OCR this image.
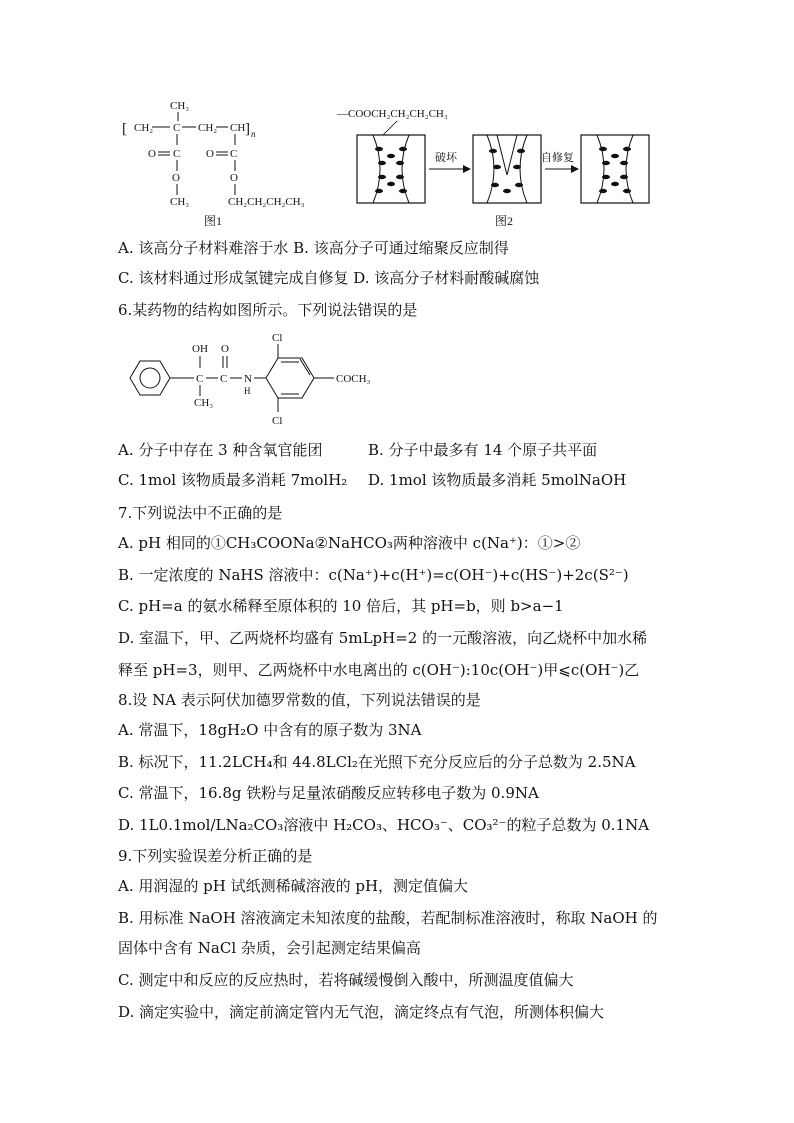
CH₃
[ CH₂ C CH₂ CH ] n
O C O C
O	O
CH₃	CH₂CH₂CH₂CH₃
图1
—COOCH₂CH₂CH₂CH₃
破坏	自修复
图2
A. 该高分子材料难溶于水 B. 该高分子可通过缩聚反应制得
C. 该材料通过形成氢键完成自修复 D. 该高分子材料耐酸碱腐蚀
6.某药物的结构如图所示。下列说法错误的是
OH
C
CH₃
O
C N
H
Cl
Cl
COCH₃
A. 分子中存在 3 种含氧官能团	B. 分子中最多有 14 个原子共平面
C. 1mol 该物质最多消耗 7molH₂ D. 1mol 该物质最多消耗 5molNaOH
7.下列说法中不正确的是
A. pH 相同的①CH₃COONa②NaHCO₃两种溶液中 c(Na⁺)：①>②
B. 一定浓度的 NaHS 溶液中：c(Na⁺)+c(H⁺)=c(OH⁻)+c(HS⁻)+2c(S²⁻)
C. pH=a 的氨水稀释至原体积的 10 倍后，其 pH=b，则 b>a−1
D. 室温下，甲、乙两烧杯均盛有 5mLpH=2 的一元酸溶液，向乙烧杯中加水稀
释至 pH=3，则甲、乙两烧杯中水电离出的 c(OH⁻):10c(OH⁻)甲⩽c(OH⁻)乙
8.设 NA 表示阿伏加德罗常数的值，下列说法错误的是
A. 常温下，18gH₂O 中含有的原子数为 3NA
B. 标况下，11.2LCH₄和 44.8LCl₂在光照下充分反应后的分子总数为 2.5NA
C. 常温下，16.8g 铁粉与足量浓硝酸反应转移电子数为 0.9NA
D. 1L0.1mol/LNa₂CO₃溶液中 H₂CO₃、HCO₃⁻、CO₃²⁻的粒子总数为 0.1NA
9.下列实验误差分析正确的是
A. 用润湿的 pH 试纸测稀碱溶液的 pH，测定值偏大
B. 用标准 NaOH 溶液滴定未知浓度的盐酸，若配制标准溶液时，称取 NaOH 的
固体中含有 NaCl 杂质，会引起测定结果偏高
C. 测定中和反应的反应热时，若将碱缓慢倒入酸中，所测温度值偏大
D. 滴定实验中，滴定前滴定管内无气泡，滴定终点有气泡，所测体积偏大
